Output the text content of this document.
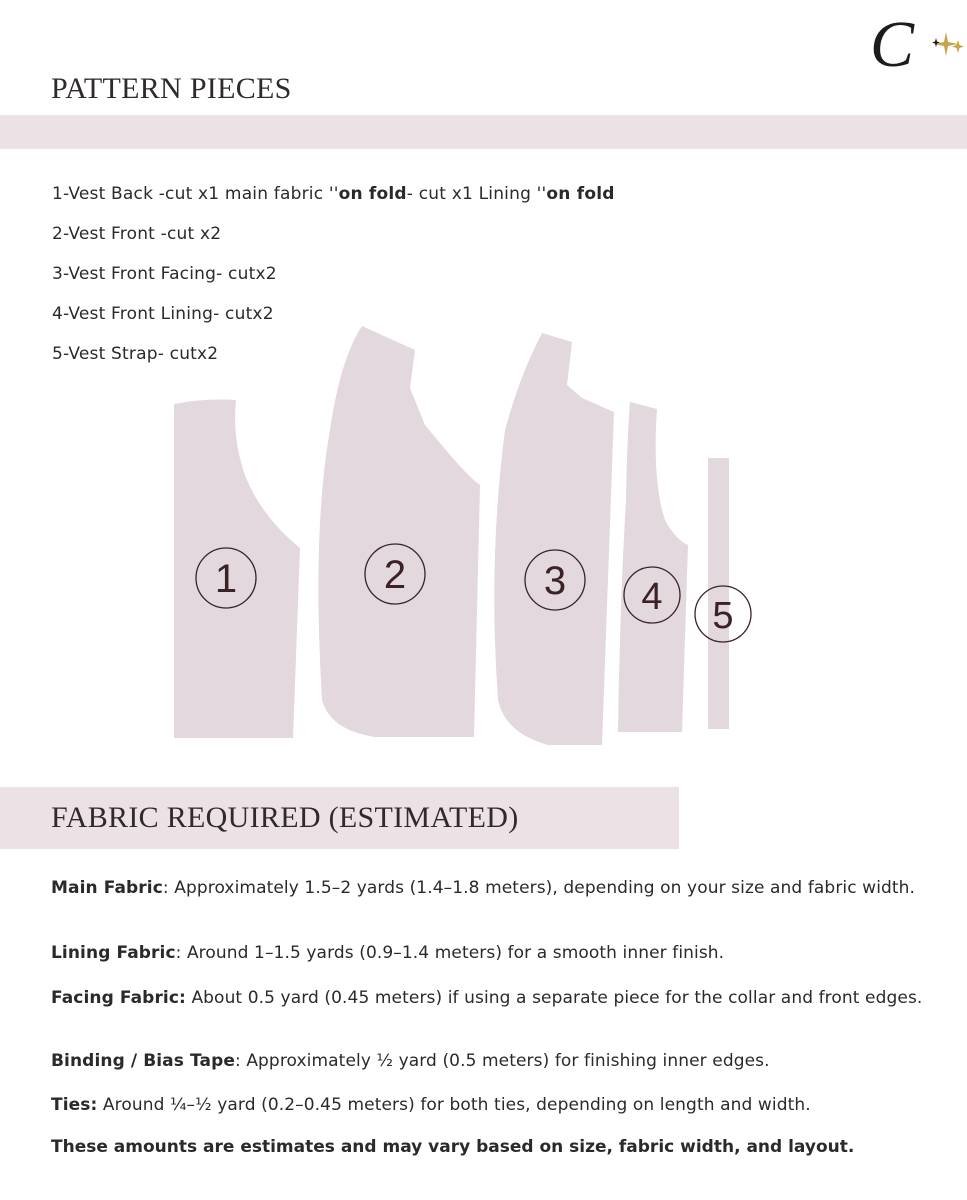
C
PATTERN PIECES
1-Vest Back -cut x1 main fabric ''on fold- cut x1 Lining ''on fold
2-Vest Front -cut x2
3-Vest Front Facing- cutx2
4-Vest Front Lining- cutx2
5-Vest Strap- cutx2
1	2	3 4 5
FABRIC REQUIRED (ESTIMATED)

Main Fabric: Approximately 1.5–2 yards (1.4–1.8 meters), depending on your size and fabric width.

Lining Fabric: Around 1–1.5 yards (0.9–1.4 meters) for a smooth inner finish.

Facing Fabric: About 0.5 yard (0.45 meters) if using a separate piece for the collar and front edges.

Binding / Bias Tape: Approximately ½ yard (0.5 meters) for finishing inner edges.

Ties: Around ¼–½ yard (0.2–0.45 meters) for both ties, depending on length and width.

These amounts are estimates and may vary based on size, fabric width, and layout.
